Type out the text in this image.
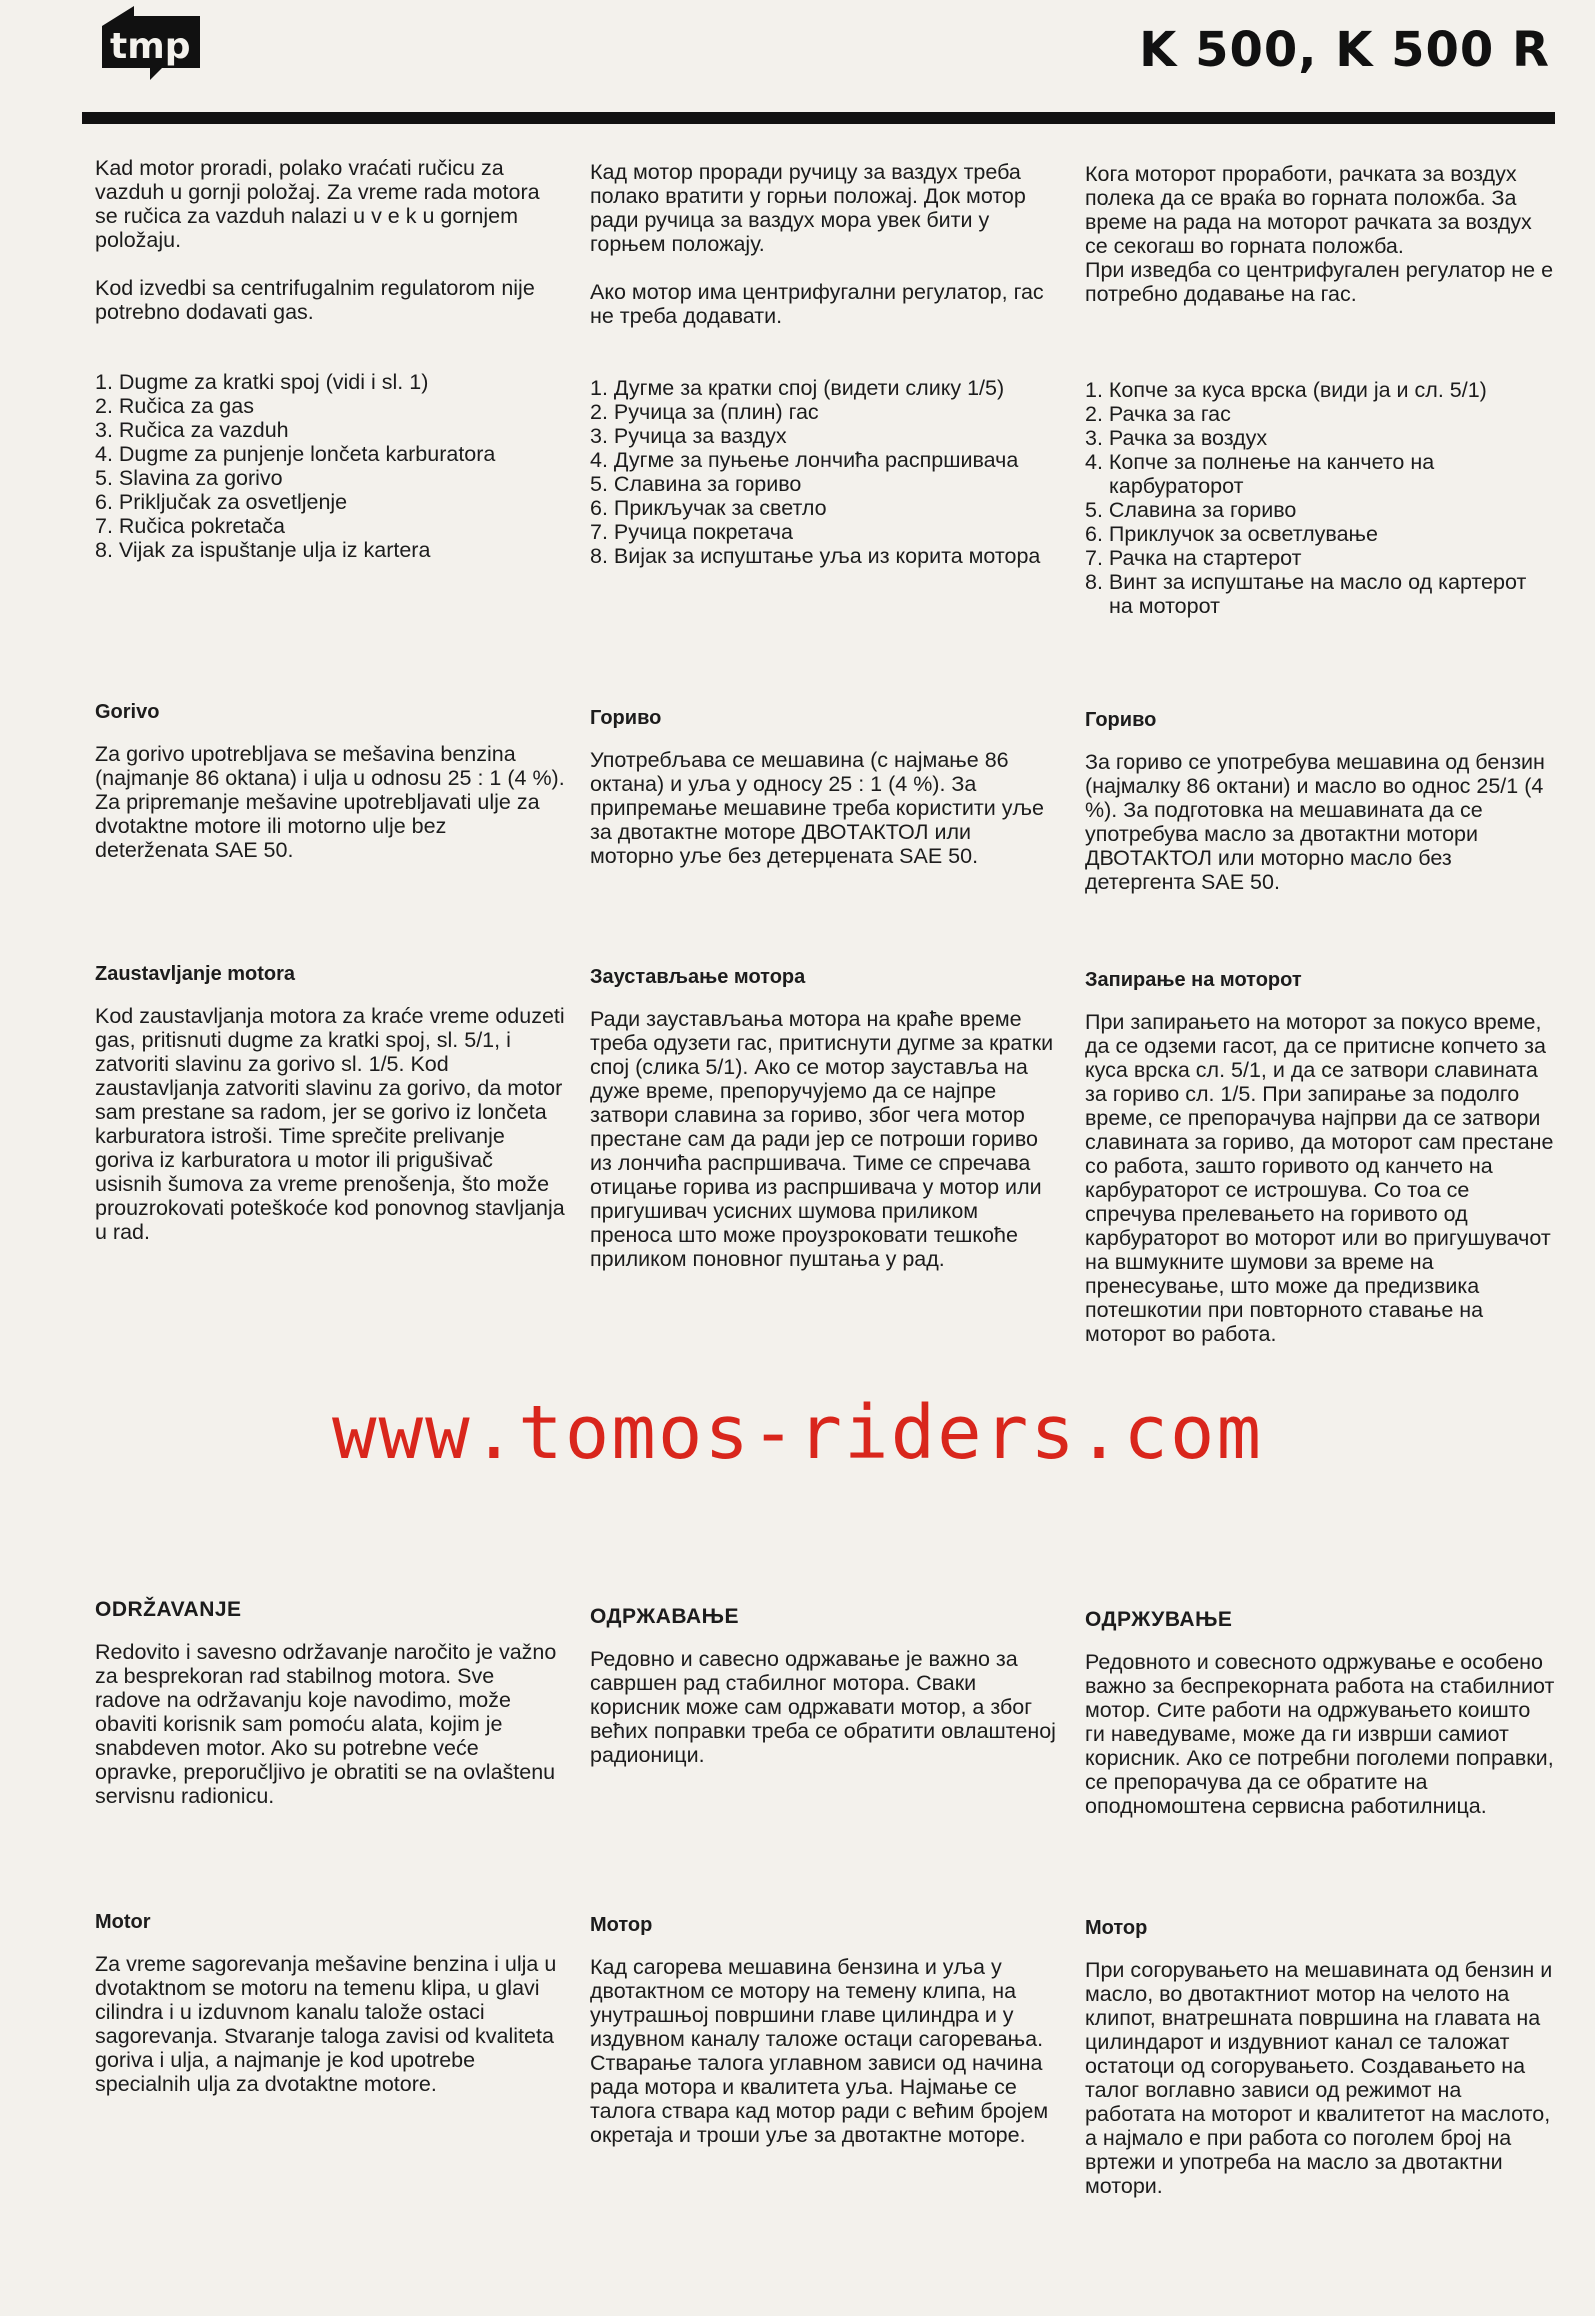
tmp	K 500, K 500 R

Kad motor proradi, polako vraćati ručicu za vazduh u gornji položaj. Za vreme rada motora se ručica za vazduh nalazi u v e k u gornjem položaju.

Kod izvedbi sa centrifugalnim regulatorom nije potrebno dodavati gas.

1. Dugme za kratki spoj (vidi i sl. 1)
2. Ručica za gas
3. Ručica za vazduh
4. Dugme za punjenje lončeta karburatora
5. Slavina za gorivo
6. Priključak za osvetljenje
7. Ručica pokretača
8. Vijak za ispuštanje ulja iz kartera
Gorivo

Za gorivo upotrebljava se mešavina benzina (najmanje 86 oktana) i ulja u odnosu 25 : 1 (4 %). Za pripremanje mešavine upotrebljavati ulje za dvotaktne motore ili motorno ulje bez deterženata SAE 50.

Zaustavljanje motora

Kod zaustavljanja motora za kraće vreme oduzeti gas, pritisnuti dugme za kratki spoj, sl. 5/1, i zatvoriti slavinu za gorivo sl. 1/5. Kod zaustavljanja zatvoriti slavinu za gorivo, da motor sam prestane sa radom, jer se gorivo iz lončeta karburatora istroši. Time sprečite prelivanje goriva iz karburatora u motor ili prigušivač usisnih šumova za vreme prenošenja, što može prouzrokovati poteškoće kod ponovnog stavljanja u rad.

ODRŽAVANJE

Redovito i savesno održavanje naročito je važno za besprekoran rad stabilnog motora. Sve radove na održavanju koje navodimo, može obaviti korisnik sam pomoću alata, kojim je snabdeven motor. Ako su potrebne veće opravke, preporučljivo je obratiti se na ovlaštenu servisnu radionicu.

Motor

Za vreme sagorevanja mešavine benzina i ulja u dvotaktnom se motoru na temenu klipa, u glavi cilindra i u izduvnom kanalu talože ostaci sagorevanja. Stvaranje taloga zavisi od kvaliteta goriva i ulja, a najmanje je kod upotrebe specialnih ulja za dvotaktne motore.

Кад мотор проради ручицу за ваздух треба полако вратити у горњи положај. Док мотор ради ручица за ваздух мора увек бити у горњем положају.

Ако мотор има центрифугални регулатор, гас не треба додавати.

1. Дугме за кратки спој (видети слику 1/5)
2. Ручица за (плин) гас
3. Ручица за ваздух
4. Дугме за пуњење лончића распршивача
5. Славина за гориво
6. Прикључак за светло
7. Ручица покретача
8. Вијак за испуштање уља из корита мотора
Гориво

Употребљава се мешавина (с најмање 86 октана) и уља у односу 25 : 1 (4 %). За припремање мешавине треба користити уље за двотактне моторе ДВОТАКТОЛ или моторно уље без детерџената SAE 50.

Заустављање мотора

Ради заустављања мотора на краће време треба одузети гас, притиснути дугме за кратки спој (слика 5/1). Ако се мотор зауставља на дуже време, препоручујемо да се најпре затвори славина за гориво, због чега мотор престане сам да ради јер се потроши гориво из лончића распршивача. Тиме се спречава отицање горива из распршивача у мотор или пригушивач усисних шумова приликом преноса што може проузроковати тешкоће приликом поновног пуштања у рад.

ОДРЖАВАЊЕ

Редовно и савесно одржавање је важно за савршен рад стабилног мотора. Сваки корисник може сам одржавати мотор, а због већих поправки треба се обратити овлаштеној радионици.

Мотор

Кад сагорева мешавина бензина и уља у двотактном се мотору на темену клипа, на унутрашњој површини главе цилиндра и у издувном каналу таложе остаци сагоревања. Стварање талога углавном зависи од начина рада мотора и квалитета уља. Најмање се талога ствара кад мотор ради с већим бројем окретаја и троши уље за двотактне моторе.

Кога моторот проработи, рачката за воздух полека да се враќа во горната положба. За време на рада на моторот рачката за воздух се секогаш во горната положба.

При изведба со центрифугален регулатор не е потребно додавање на гас.

1. Копче за куса врска (види ја и сл. 5/1)
2. Рачка за гас
3. Рачка за воздух
4. Копче за полнење на канчето на карбураторот
5. Славина за гориво
6. Приклучок за осветлување
7. Рачка на стартерот
8. Винт за испуштање на масло од картерот на моторот
Гориво

За гориво се употребува мешавина од бензин (најмалку 86 октани) и масло во однос 25/1 (4 %). За подготовка на мешавината да се употребува масло за двотактни мотори ДВОТАКТОЛ или моторно масло без детергента SAE 50.

Запирање на моторот

При запирањето на моторот за покусо време, да се одземи гасот, да се притисне копчето за куса врска сл. 5/1, и да се затвори славината за гориво сл. 1/5. При запирање за подолго време, се препорачува најпрви да се затвори славината за гориво, да моторот сам престане со работа, зашто горивото од канчето на карбураторот се истрошува. Со тоа се спречува прелевањето на горивото од карбураторот во моторот или во пригушувачот на вшмукните шумови за време на пренесување, што може да предизвика потешкотии при повторното ставање на моторот во работа.

ОДРЖУВАЊЕ

Редовното и совесното одржување е особено важно за беспрекорната работа на стабилниот мотор. Сите работи на одржувањето коишто ги наведуваме, може да ги изврши самиот корисник. Ако се потребни поголеми поправки, се препорачува да се обратите на оподномоштена сервисна работилница.

Мотор

При согорувањето на мешавината од бензин и масло, во двотактниот мотор на челото на клипот, внатрешната површина на главата на цилиндарот и издувниот канал се таложат остатоци од согорувањето. Создавањето на талог воглавно зависи од режимот на работата на моторот и квалитетот на маслото, а најмало е при работа со поголем број на вртежи и употреба на масло за двотактни мотори.

www.tomos-riders.com
